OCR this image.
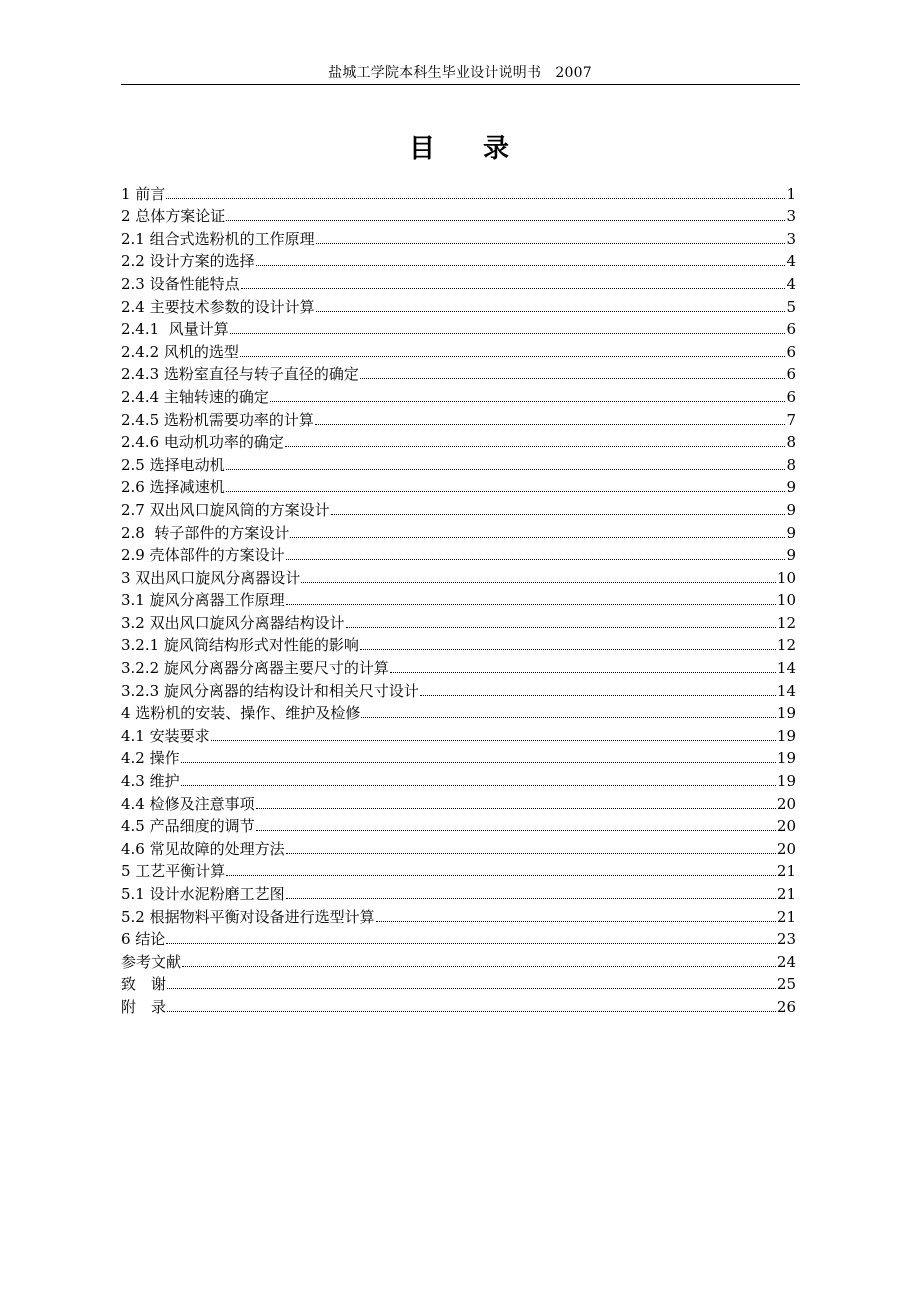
盐城工学院本科生毕业设计说明书　2007
目 录
1 前言	1
2 总体方案论证	3
2.1 组合式选粉机的工作原理	3
2.2 设计方案的选择	4
2.3 设备性能特点	4
2.4 主要技术参数的设计计算	5
2.4.1  风量计算	6
2.4.2 风机的选型	6
2.4.3 选粉室直径与转子直径的确定	6
2.4.4 主轴转速的确定	6
2.4.5 选粉机需要功率的计算	7
2.4.6 电动机功率的确定	8
2.5 选择电动机	8
2.6 选择减速机	9
2.7 双出风口旋风筒的方案设计	9
2.8  转子部件的方案设计	9
2.9 壳体部件的方案设计	9
3 双出风口旋风分离器设计	10
3.1 旋风分离器工作原理	10
3.2 双出风口旋风分离器结构设计	12
3.2.1 旋风筒结构形式对性能的影响	12
3.2.2 旋风分离器分离器主要尺寸的计算	14
3.2.3 旋风分离器的结构设计和相关尺寸设计	14
4 选粉机的安装、操作、维护及检修	19
4.1 安装要求	19
4.2 操作	19
4.3 维护	19
4.4 检修及注意事项	20
4.5 产品细度的调节	20
4.6 常见故障的处理方法	20
5 工艺平衡计算	21
5.1 设计水泥粉磨工艺图	21
5.2 根据物料平衡对设备进行选型计算	21
6 结论	23
参考文献	24
致　谢	25
附　录	26
